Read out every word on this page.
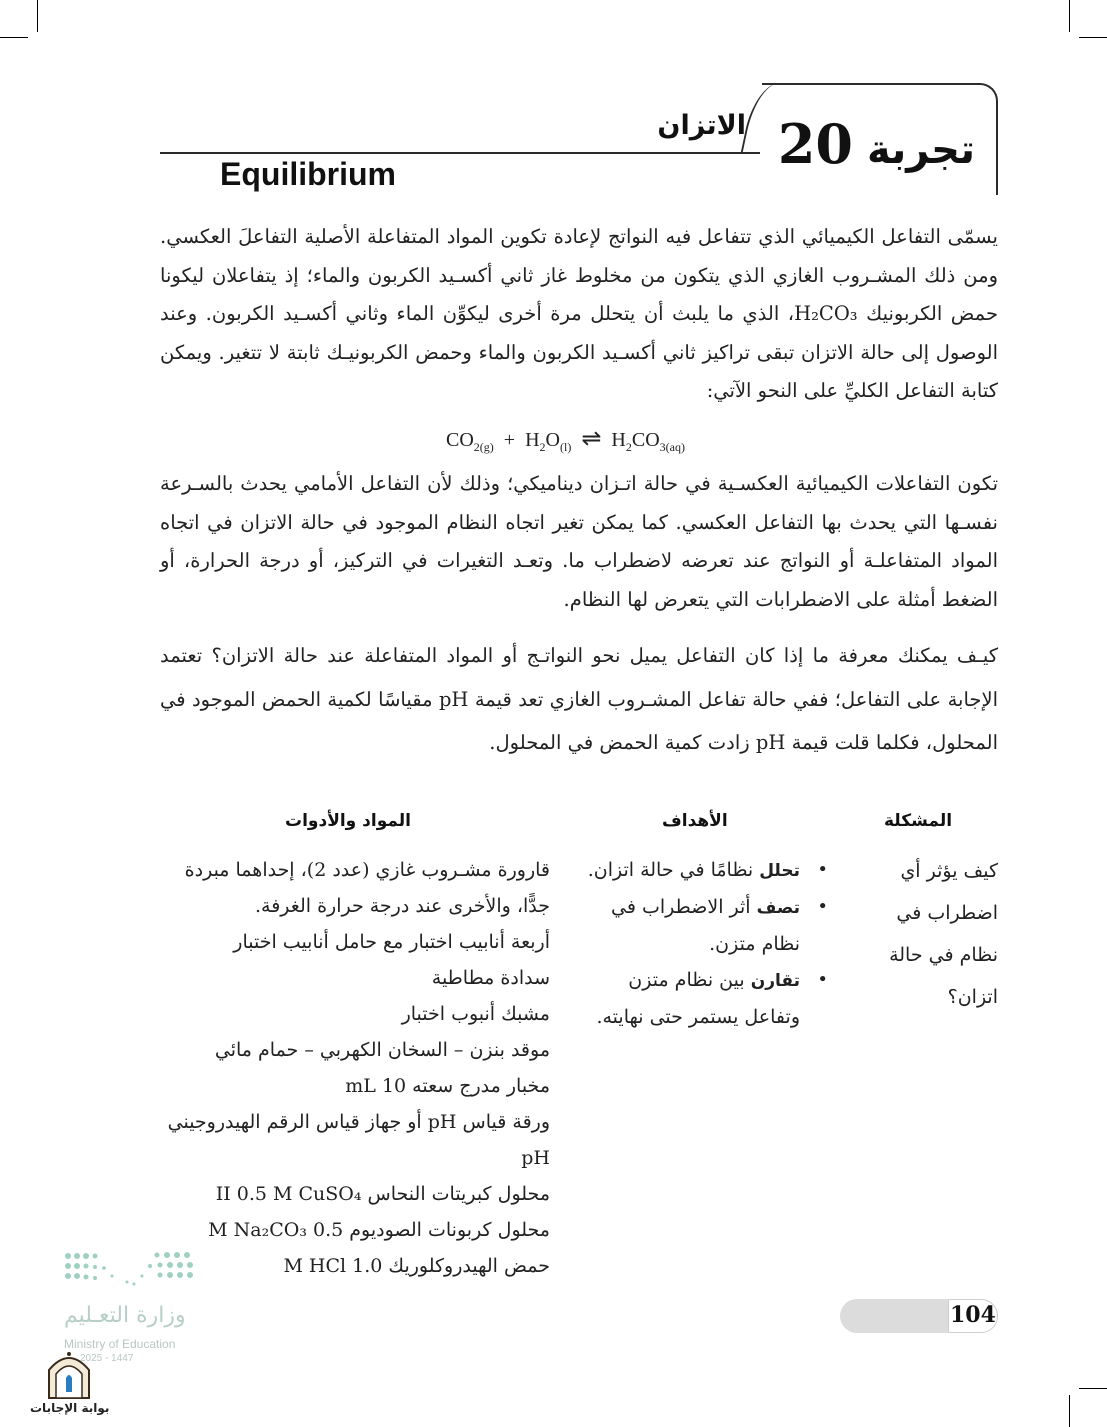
تجربة
20
الاتزان
Equilibrium

يسمّى التفاعل الكيميائي الذي تتفاعل فيه النواتج لإعادة تكوين المواد المتفاعلة الأصلية التفاعلَ العكسي. ومن ذلك المشـروب الغازي الذي يتكون من مخلوط غاز ثاني أكسـيد الكربون والماء؛ إذ يتفاعلان ليكونا حمض الكربونيك H₂CO₃، الذي ما يلبث أن يتحلل مرة أخرى ليكوِّن الماء وثاني أكسـيد الكربون. وعند الوصول إلى حالة الاتزان تبقى تراكيز ثاني أكسـيد الكربون والماء وحمض الكربونيـك ثابتة لا تتغير. ويمكن كتابة التفاعل الكليِّ على النحو الآتي:

$CO_{2(g)} + H_2O_{(l)}$ ⇌ $H_2CO_{3(aq)}$

تكون التفاعلات الكيميائية العكسـية في حالة اتـزان ديناميكي؛ وذلك لأن التفاعل الأمامي يحدث بالسـرعة نفسـها التي يحدث بها التفاعل العكسي. كما يمكن تغير اتجاه النظام الموجود في حالة الاتزان في اتجاه المواد المتفاعلـة أو النواتج عند تعرضه لاضطراب ما. وتعـد التغيرات في التركيز، أو درجة الحرارة، أو الضغط أمثلة على الاضطرابات التي يتعرض لها النظام.

كيـف يمكنك معرفة ما إذا كان التفاعل يميل نحو النواتـج أو المواد المتفاعلة عند حالة الاتزان؟ تعتمد الإجابة على التفاعل؛ ففي حالة تفاعل المشـروب الغازي تعد قيمة pH مقياسًا لكمية الحمض الموجود في المحلول، فكلما قلت قيمة pH زادت كمية الحمض في المحلول.

المشكلة
الأهداف
المواد والأدوات
كيف يؤثر أي اضطراب في نظام في حالة اتزان؟
• تحلل نظامًا في حالة اتزان.
• تصف أثر الاضطراب في نظام متزن.
• تقارن بين نظام متزن وتفاعل يستمر حتى نهايته.
قارورة مشـروب غازي (عدد 2)، إحداهما مبردة جدًّا، والأخرى عند درجة حرارة الغرفة.
أربعة أنابيب اختبار مع حامل أنابيب اختبار
سدادة مطاطية
مشبك أنبوب اختبار
موقد بنزن – السخان الكهربي – حمام مائي
مخبار مدرج سعته 10 mL
ورقة قياس pH أو جهاز قياس الرقم الهيدروجيني pH
محلول كبريتات النحاس II 0.5 M CuSO₄
محلول كربونات الصوديوم 0.5 M Na₂CO₃
حمض الهيدروكلوريك 1.0 M HCl
وزارة التعـليم
Ministry of Education
2025 - 1447
بوابة الإجابات
104
